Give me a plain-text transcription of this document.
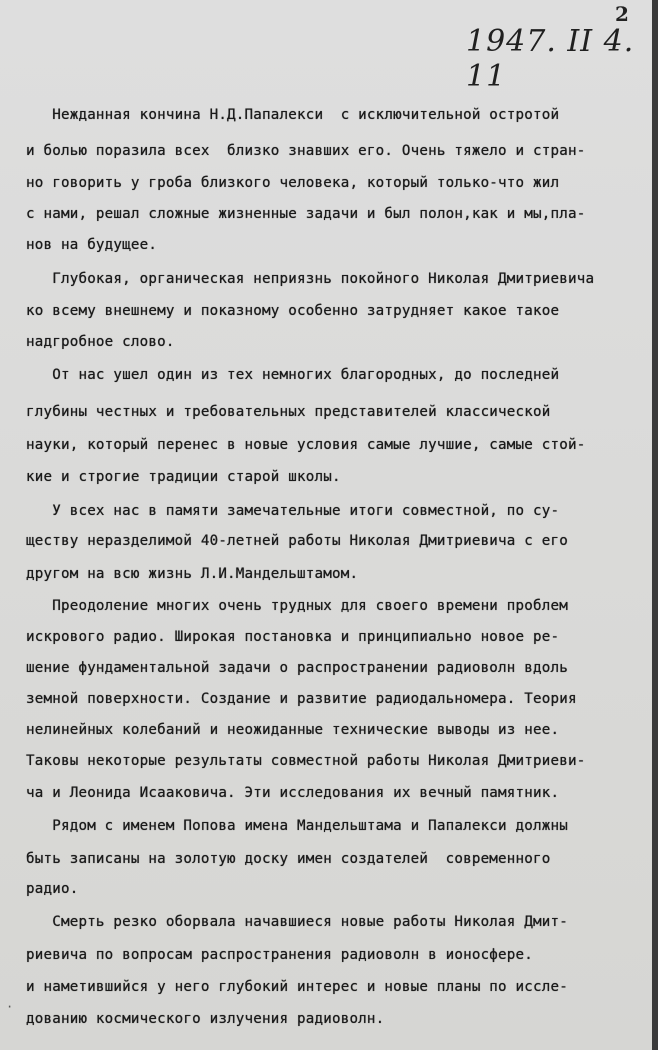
2
1947. II 4. 11
Нежданная кончина Н.Д.Папалекси  с исключительной остротой
и болью поразила всех  близко знавших его. Очень тяжело и стран-
но говорить у гроба близкого человека, который только-что жил
с нами, решал сложные жизненные задачи и был полон,как и мы,пла-
нов на будущее.
Глубокая, органическая неприязнь покойного Николая Дмитриевича
ко всему внешнему и показному особенно затрудняет какое такое
надгробное слово.
От нас ушел один из тех немногих благородных, до последней
глубины честных и требовательных представителей классической
науки, который перенес в новые условия самые лучшие, самые стой-
кие и строгие традиции старой школы.
У всех нас в памяти замечательные итоги совместной, по су-
ществу неразделимой 40-летней работы Николая Дмитриевича с его
другом на всю жизнь Л.И.Мандельштамом.
Преодоление многих очень трудных для своего времени проблем
искрового радио. Широкая постановка и принципиально новое ре-
шение фундаментальной задачи о распространении радиоволн вдоль
земной поверхности. Создание и развитие радиодальномера. Теория
нелинейных колебаний и неожиданные технические выводы из нее.
Таковы некоторые результаты совместной работы Николая Дмитриеви-
ча и Леонида Исааковича. Эти исследования их вечный памятник.
Рядом с именем Попова имена Мандельштама и Папалекси должны
быть записаны на золотую доску имен создателей  современного
радио.
Смерть резко оборвала начавшиеся новые работы Николая Дмит-
риевича по вопросам распространения радиоволн в ионосфере.
и наметившийся у него глубокий интерес и новые планы по иссле-
дованию космического излучения радиоволн.
·
